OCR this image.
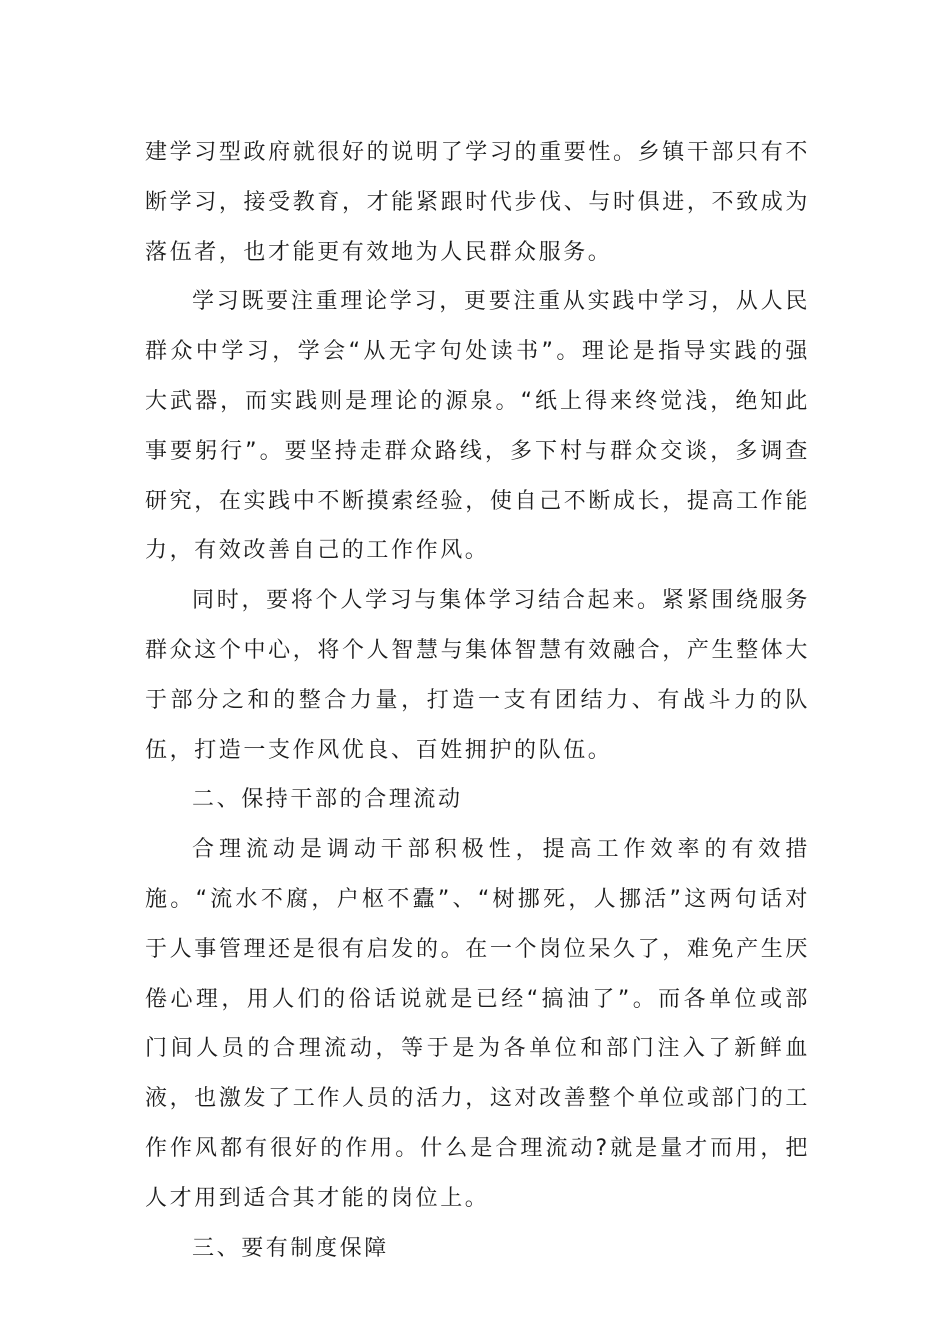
建学习型政府就很好的说明了学习的重要性。乡镇干部只有不断学习，接受教育，才能紧跟时代步伐、与时俱进，不致成为落伍者，也才能更有效地为人民群众服务。

学习既要注重理论学习，更要注重从实践中学习，从人民群众中学习，学会“从无字句处读书”。理论是指导实践的强大武器，而实践则是理论的源泉。“纸上得来终觉浅，绝知此事要躬行”。要坚持走群众路线，多下村与群众交谈，多调查研究，在实践中不断摸索经验，使自己不断成长，提高工作能力，有效改善自己的工作作风。

同时，要将个人学习与集体学习结合起来。紧紧围绕服务群众这个中心，将个人智慧与集体智慧有效融合，产生整体大于部分之和的整合力量，打造一支有团结力、有战斗力的队伍，打造一支作风优良、百姓拥护的队伍。

二、保持干部的合理流动

合理流动是调动干部积极性，提高工作效率的有效措施。“流水不腐，户枢不蠹”、“树挪死，人挪活”这两句话对于人事管理还是很有启发的。在一个岗位呆久了，难免产生厌倦心理，用人们的俗话说就是已经“搞油了”。而各单位或部门间人员的合理流动，等于是为各单位和部门注入了新鲜血液，也激发了工作人员的活力，这对改善整个单位或部门的工作作风都有很好的作用。什么是合理流动?就是量才而用，把人才用到适合其才能的岗位上。

三、要有制度保障
